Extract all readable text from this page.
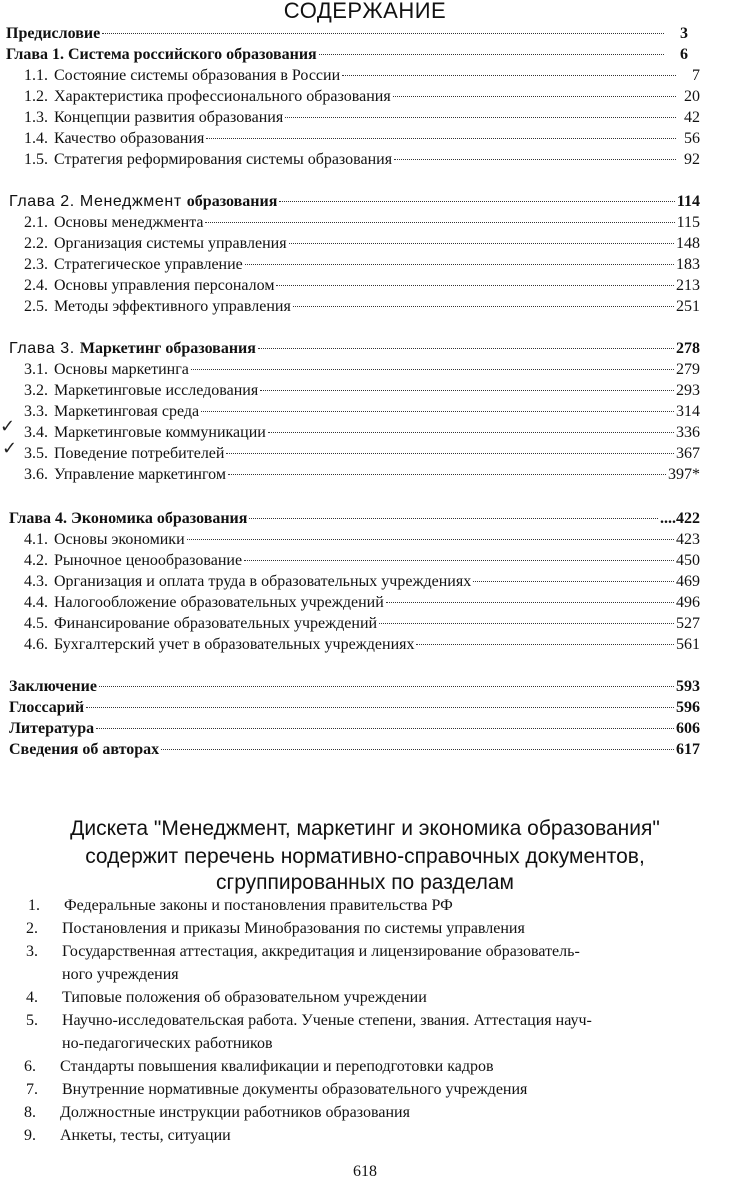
СОДЕРЖАНИЕ
Предисловие	3
Глава 1. Система российского образования	6
1.1. Состояние системы образования в России	7
1.2. Характеристика профессионального образования	20
1.3. Концепции развития образования	42
1.4. Качество образования	56
1.5. Стратегия реформирования системы образования	92
Глава 2. Менеджмент образования	114
2.1. Основы менеджмента	115
2.2. Организация системы управления	148
2.3. Стратегическое управление	183
2.4. Основы управления персоналом	213
2.5. Методы эффективного управления	251
Глава 3. Маркетинг образования	278
3.1. Основы маркетинга	279
3.2. Маркетинговые исследования	293
3.3. Маркетинговая среда	314
3.4. Маркетинговые коммуникации	336
3.5. Поведение потребителей	367
3.6. Управление маркетингом	397*
Глава 4. Экономика образования	....422
4.1. Основы экономики	423
4.2. Рыночное ценообразование	450
4.3. Организация и оплата труда в образовательных учреждениях	469
4.4. Налогообложение образовательных учреждений	496
4.5. Финансирование образовательных учреждений	527
4.6. Бухгалтерский учет в образовательных учреждениях	561
Заключение	593
Глоссарий	596
Литература	606
Сведения об авторах	617
✓
✓
Дискета "Менеджмент, маркетинг и экономика образования"
содержит перечень нормативно-справочных документов,
сгруппированных по разделам
1. Федеральные законы и постановления правительства РФ
2. Постановления и приказы Минобразования по системы управления
3. Государственная аттестация, аккредитация и лицензирование образователь-
ного учреждения
4. Типовые положения об образовательном учреждении
5. Научно-исследовательская работа. Ученые степени, звания. Аттестация науч-
но-педагогических работников
6. Стандарты повышения квалификации и переподготовки кадров
7. Внутренние нормативные документы образовательного учреждения
8. Должностные инструкции работников образования
9. Анкеты, тесты, ситуации
618
